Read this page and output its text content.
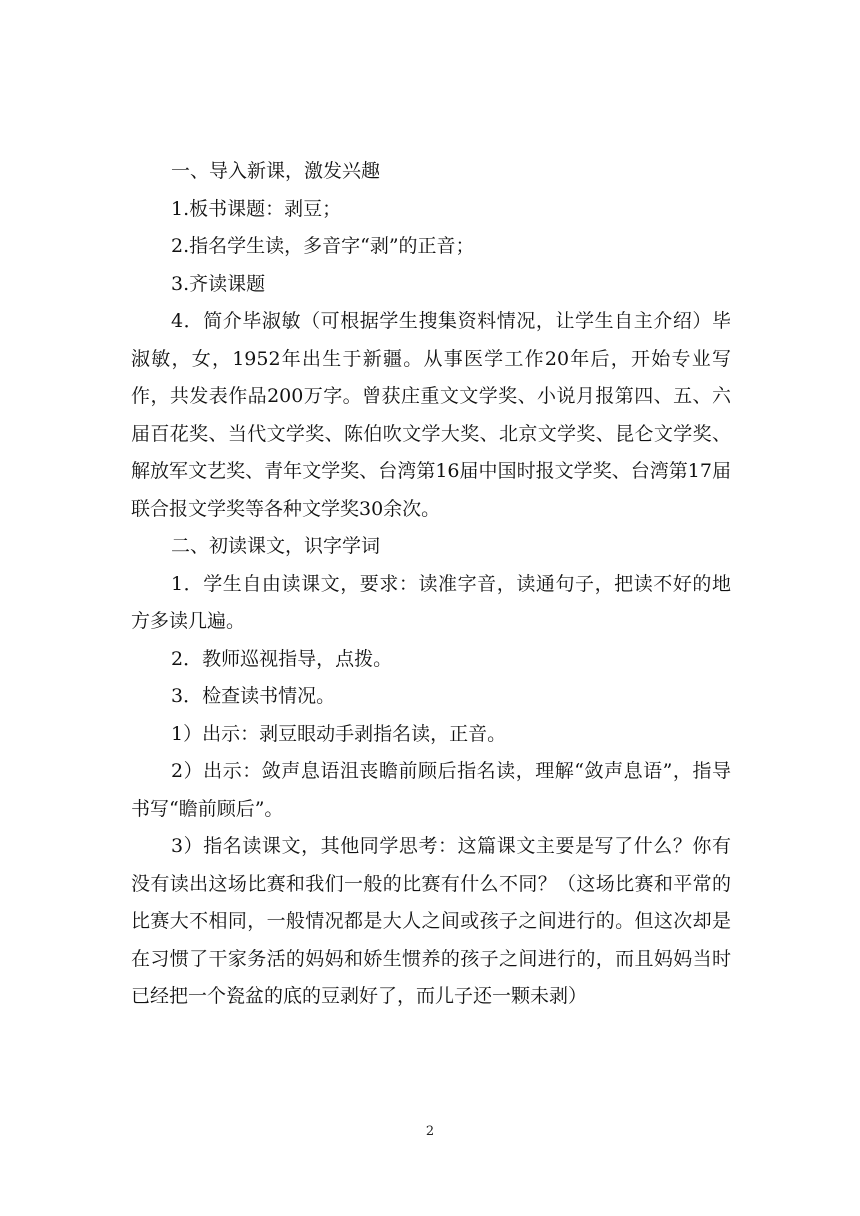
一、导入新课，激发兴趣

1.板书课题：剥豆；

2.指名学生读，多音字“剥”的正音；

3.齐读课题

4．简介毕淑敏（可根据学生搜集资料情况，让学生自主介绍）毕淑敏，女，1952年出生于新疆。从事医学工作20年后，开始专业写作，共发表作品200万字。曾获庄重文文学奖、小说月报第四、五、六届百花奖、当代文学奖、陈伯吹文学大奖、北京文学奖、昆仑文学奖、解放军文艺奖、青年文学奖、台湾第16届中国时报文学奖、台湾第17届联合报文学奖等各种文学奖30余次。

二、初读课文，识字学词

1．学生自由读课文，要求：读准字音，读通句子，把读不好的地方多读几遍。

2．教师巡视指导，点拨。

3．检查读书情况。

1）出示：剥豆眼动手剥指名读，正音。

2）出示：敛声息语沮丧瞻前顾后指名读，理解“敛声息语”，指导书写“瞻前顾后”。

3）指名读课文，其他同学思考：这篇课文主要是写了什么？你有没有读出这场比赛和我们一般的比赛有什么不同？（这场比赛和平常的比赛大不相同，一般情况都是大人之间或孩子之间进行的。但这次却是在习惯了干家务活的妈妈和娇生惯养的孩子之间进行的，而且妈妈当时已经把一个瓷盆的底的豆剥好了，而儿子还一颗未剥）

2
